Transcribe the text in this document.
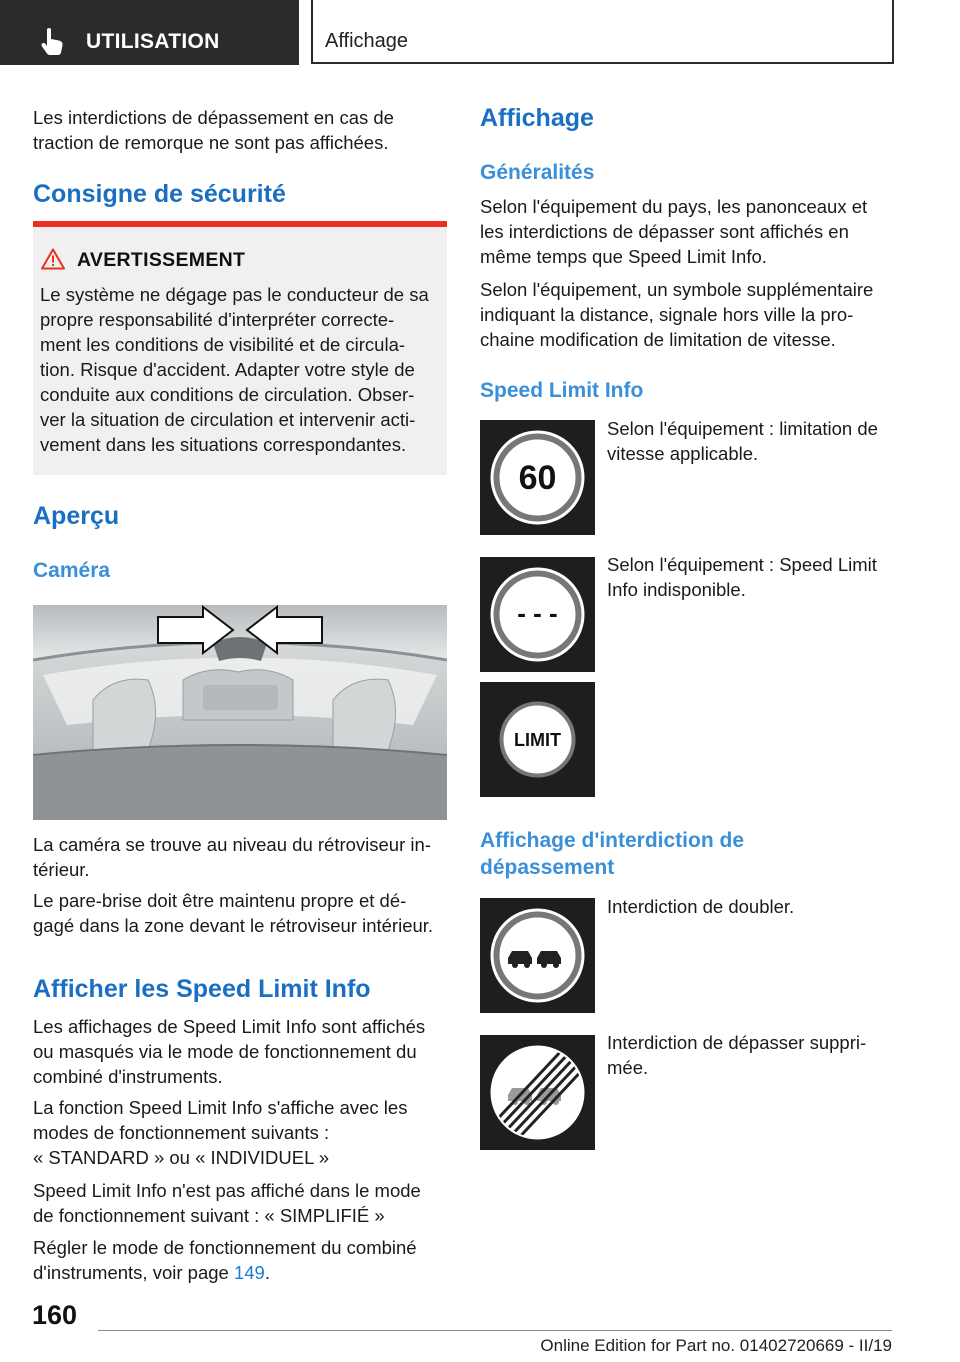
UTILISATION	Affichage

Les interdictions de dépassement en cas de traction de remorque ne sont pas affichées.

Consigne de sécurité
AVERTISSEMENT
Le système ne dégage pas le conducteur de sa
propre responsabilité d'interpréter correcte-
ment les conditions de visibilité et de circula-
tion. Risque d'accident. Adapter votre style de
conduite aux conditions de circulation. Obser-
ver la situation de circulation et intervenir acti-
vement dans les situations correspondantes.
Aperçu
Caméra
La caméra se trouve au niveau du rétroviseur in-
térieur.
Le pare-brise doit être maintenu propre et dé-
gagé dans la zone devant le rétroviseur intérieur.
Afficher les Speed Limit Info
Les affichages de Speed Limit Info sont affichés
ou masqués via le mode de fonctionnement du
combiné d'instruments.
La fonction Speed Limit Info s'affiche avec les
modes de fonctionnement suivants :
« STANDARD » ou « INDIVIDUEL »
Speed Limit Info n'est pas affiché dans le mode
de fonctionnement suivant : « SIMPLIFIÉ »

Régler le mode de fonctionnement du combiné
d'instruments, voir page 149.

Affichage
Généralités
Selon l'équipement du pays, les panonceaux et
les interdictions de dépasser sont affichés en
même temps que Speed Limit Info.
Selon l'équipement, un symbole supplémentaire
indiquant la distance, signale hors ville la pro-
chaine modification de limitation de vitesse.
Speed Limit Info
60
Selon l'équipement : limitation de
vitesse applicable.
- - -
Selon l'équipement : Speed Limit
Info indisponible.
LIMIT
Affichage d'interdiction de
dépassement
Interdiction de doubler.
Interdiction de dépasser suppri-
mée.
160
Online Edition for Part no. 01402720669 - II/19
